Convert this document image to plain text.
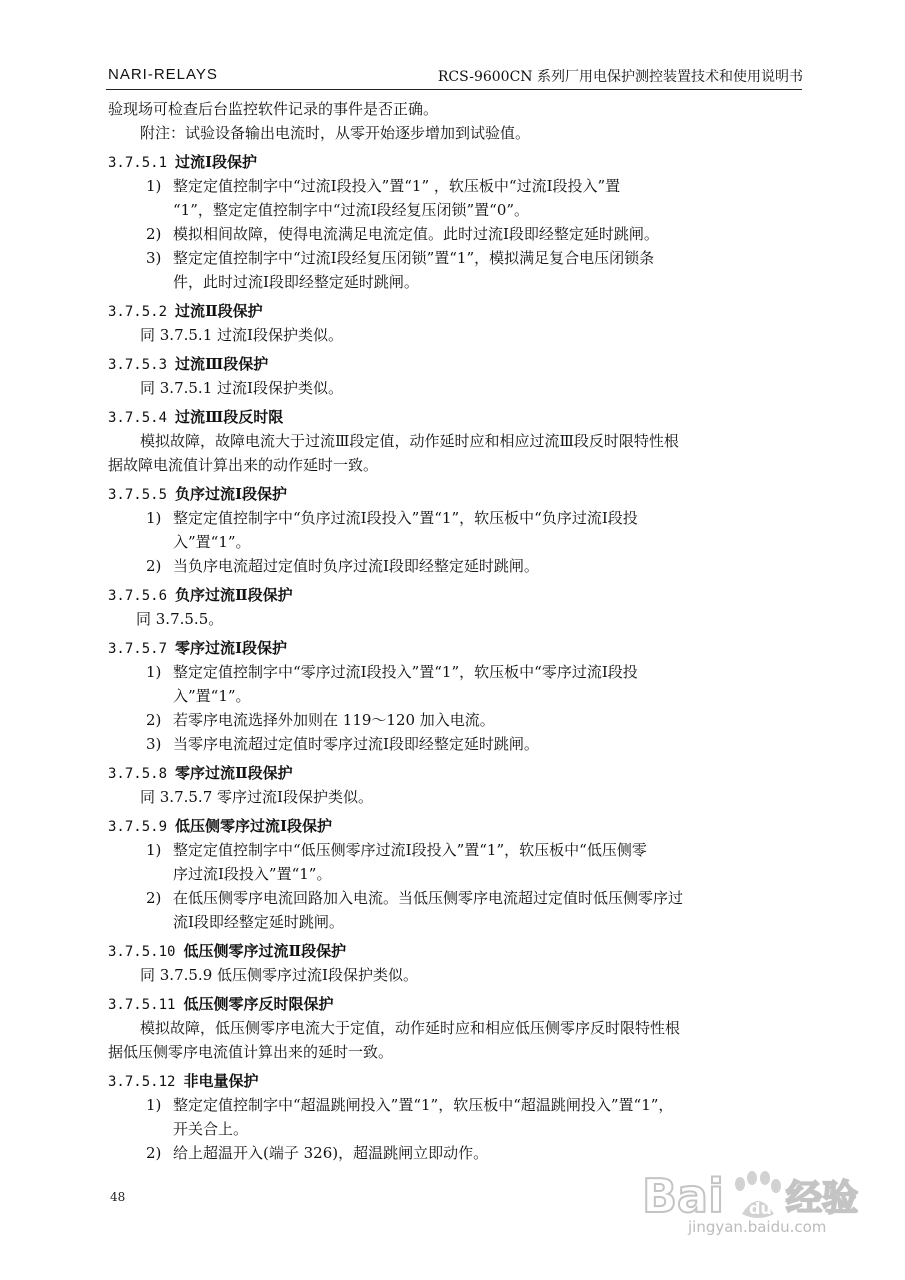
NARI-RELAYS	RCS-9600CN 系列厂用电保护测控装置技术和使用说明书
验现场可检查后台监控软件记录的事件是否正确。
附注：试验设备输出电流时，从零开始逐步增加到试验值。
3.7.5.1 过流Ⅰ段保护
1) 整定定值控制字中“过流Ⅰ段投入”置“1” ，软压板中“过流Ⅰ段投入”置
“1”，整定定值控制字中“过流Ⅰ段经复压闭锁”置“0”。
2) 模拟相间故障，使得电流满足电流定值。此时过流Ⅰ段即经整定延时跳闸。
3) 整定定值控制字中“过流Ⅰ段经复压闭锁”置“1”，模拟满足复合电压闭锁条
件，此时过流Ⅰ段即经整定延时跳闸。
3.7.5.2 过流Ⅱ段保护
同 3.7.5.1 过流Ⅰ段保护类似。
3.7.5.3 过流Ⅲ段保护
同 3.7.5.1 过流Ⅰ段保护类似。
3.7.5.4 过流Ⅲ段反时限
模拟故障，故障电流大于过流Ⅲ段定值，动作延时应和相应过流Ⅲ段反时限特性根
据故障电流值计算出来的动作延时一致。
3.7.5.5 负序过流Ⅰ段保护
1) 整定定值控制字中“负序过流Ⅰ段投入”置“1”，软压板中“负序过流Ⅰ段投
入”置“1”。
2) 当负序电流超过定值时负序过流Ⅰ段即经整定延时跳闸。
3.7.5.6 负序过流Ⅱ段保护
同 3.7.5.5。
3.7.5.7 零序过流Ⅰ段保护
1) 整定定值控制字中“零序过流Ⅰ段投入”置“1”，软压板中“零序过流Ⅰ段投
入”置“1”。
2) 若零序电流选择外加则在 119～120 加入电流。
3) 当零序电流超过定值时零序过流Ⅰ段即经整定延时跳闸。
3.7.5.8 零序过流Ⅱ段保护
同 3.7.5.7 零序过流Ⅰ段保护类似。
3.7.5.9 低压侧零序过流Ⅰ段保护
1) 整定定值控制字中“低压侧零序过流Ⅰ段投入”置“1”，软压板中“低压侧零
序过流Ⅰ段投入”置“1”。
2) 在低压侧零序电流回路加入电流。当低压侧零序电流超过定值时低压侧零序过
流Ⅰ段即经整定延时跳闸。
3.7.5.10 低压侧零序过流Ⅱ段保护
同 3.7.5.9 低压侧零序过流Ⅰ段保护类似。
3.7.5.11 低压侧零序反时限保护
模拟故障，低压侧零序电流大于定值，动作延时应和相应低压侧零序反时限特性根
据低压侧零序电流值计算出来的延时一致。
3.7.5.12 非电量保护
1) 整定定值控制字中“超温跳闸投入”置“1”，软压板中“超温跳闸投入”置“1”，
开关合上。
2) 给上超温开入(端子 326)，超温跳闸立即动作。
48	Bai du 经验
jingyan.baidu.com
